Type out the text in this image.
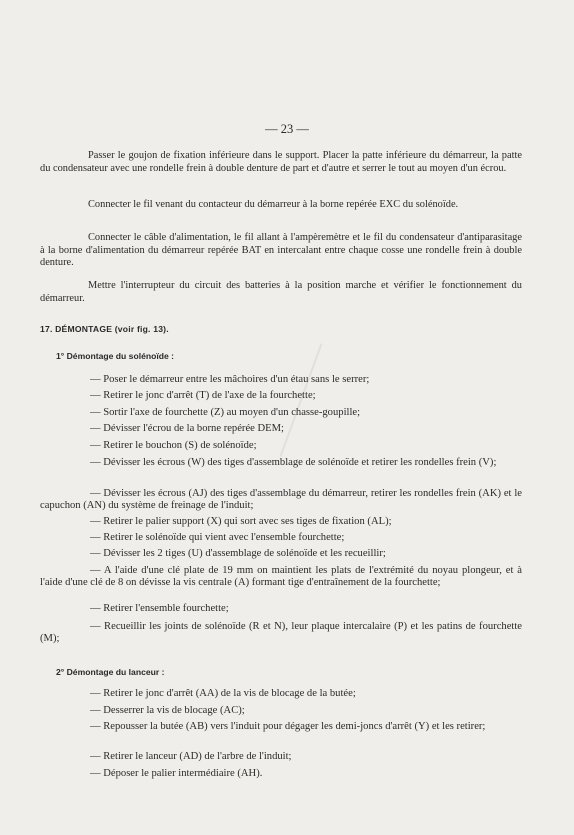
— 23 —

Passer le goujon de fixation inférieure dans le support. Placer la patte inférieure du démarreur, la patte du condensateur avec une rondelle frein à double denture de part et d'autre et serrer le tout au moyen d'un écrou.

Connecter le fil venant du contacteur du démarreur à la borne repérée EXC du solénoïde.

Connecter le câble d'alimentation, le fil allant à l'ampèremètre et le fil du condensateur d'antiparasitage à la borne d'alimentation du démarreur repérée BAT en intercalant entre chaque cosse une rondelle frein à double denture.

Mettre l'interrupteur du circuit des batteries à la position marche et vérifier le fonctionnement du démarreur.

17. DÉMONTAGE (voir fig. 13).
1° Démontage du solénoïde :

— Poser le démarreur entre les mâchoires d'un étau sans le serrer;

— Retirer le jonc d'arrêt (T) de l'axe de la fourchette;

— Sortir l'axe de fourchette (Z) au moyen d'un chasse-goupille;

— Dévisser l'écrou de la borne repérée DEM;

— Retirer le bouchon (S) de solénoïde;

— Dévisser les écrous (W) des tiges d'assemblage de solénoïde et retirer les rondelles frein (V);

— Dévisser les écrous (AJ) des tiges d'assemblage du démarreur, retirer les rondelles frein (AK) et le capuchon (AN) du système de freinage de l'induit;

— Retirer le palier support (X) qui sort avec ses tiges de fixation (AL);

— Retirer le solénoïde qui vient avec l'ensemble fourchette;

— Dévisser les 2 tiges (U) d'assemblage de solénoïde et les recueillir;

— A l'aide d'une clé plate de 19 mm on maintient les plats de l'extrémité du noyau plongeur, et à l'aide d'une clé de 8 on dévisse la vis centrale (A) formant tige d'entraînement de la fourchette;

— Retirer l'ensemble fourchette;

— Recueillir les joints de solénoïde (R et N), leur plaque intercalaire (P) et les patins de fourchette (M);

2° Démontage du lanceur :

— Retirer le jonc d'arrêt (AA) de la vis de blocage de la butée;

— Desserrer la vis de blocage (AC);

— Repousser la butée (AB) vers l'induit pour dégager les demi-joncs d'arrêt (Y) et les retirer;

— Retirer le lanceur (AD) de l'arbre de l'induit;

— Déposer le palier intermédiaire (AH).
